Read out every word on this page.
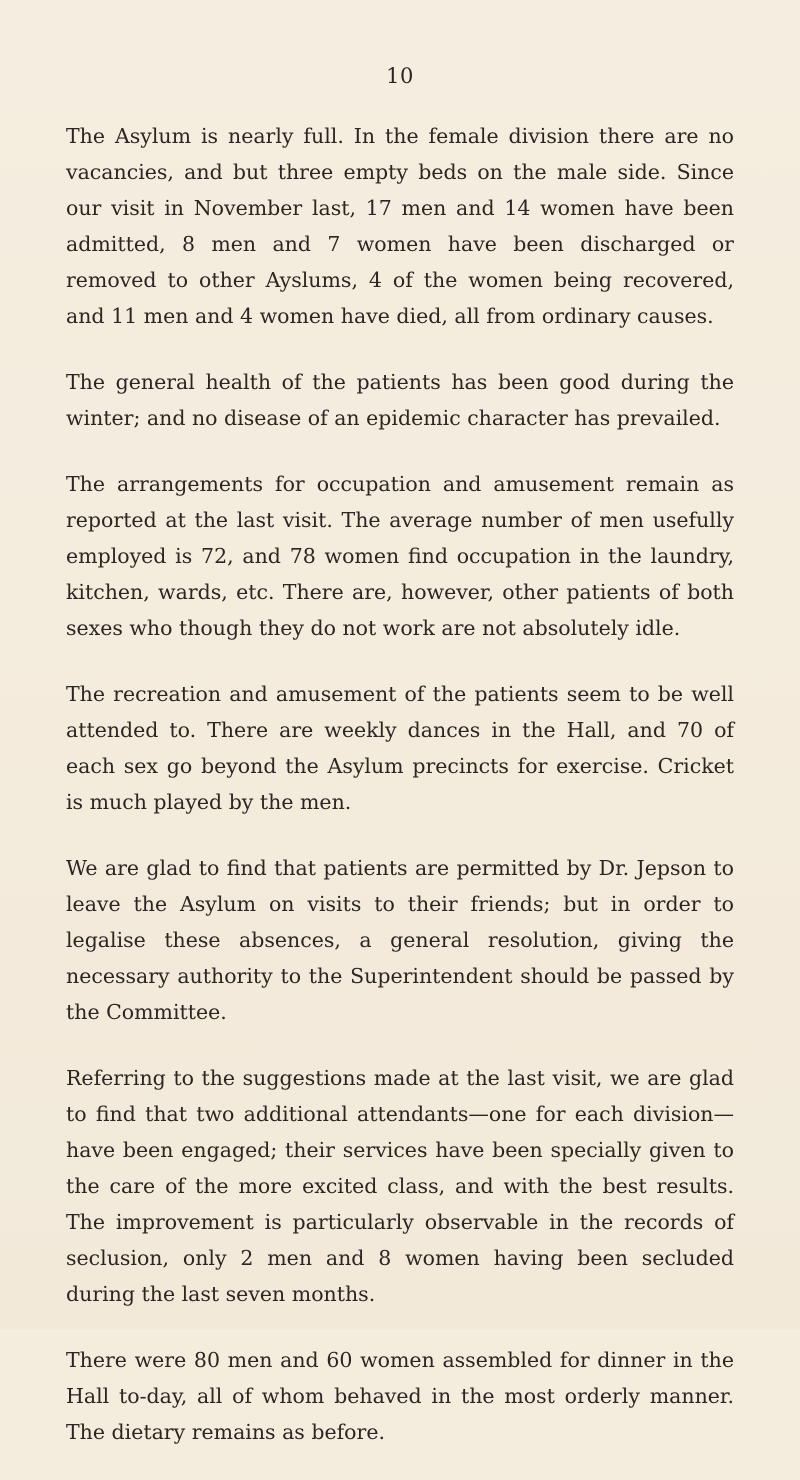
10

The Asylum is nearly full. In the female division there are no vacancies, and but three empty beds on the male side. Since our visit in November last, 17 men and 14 women have been admitted, 8 men and 7 women have been discharged or removed to other Ayslums, 4 of the women being recovered, and 11 men and 4 women have died, all from ordinary causes.

The general health of the patients has been good during the winter; and no disease of an epidemic character has prevailed.

The arrangements for occupation and amusement remain as reported at the last visit. The average number of men usefully employed is 72, and 78 women find occupation in the laundry, kitchen, wards, etc. There are, however, other patients of both sexes who though they do not work are not absolutely idle.

The recreation and amusement of the patients seem to be well attended to. There are weekly dances in the Hall, and 70 of each sex go beyond the Asylum precincts for exercise. Cricket is much played by the men.

We are glad to find that patients are permitted by Dr. Jepson to leave the Asylum on visits to their friends; but in order to legalise these absences, a general resolution, giving the necessary authority to the Superintendent should be passed by the Committee.

Referring to the suggestions made at the last visit, we are glad to find that two additional attendants—one for each division— have been engaged; their services have been specially given to the care of the more excited class, and with the best results. The improvement is particularly observable in the records of seclusion, only 2 men and 8 women having been secluded during the last seven months.

There were 80 men and 60 women assembled for dinner in the Hall to-day, all of whom behaved in the most orderly manner. The dietary remains as before.
